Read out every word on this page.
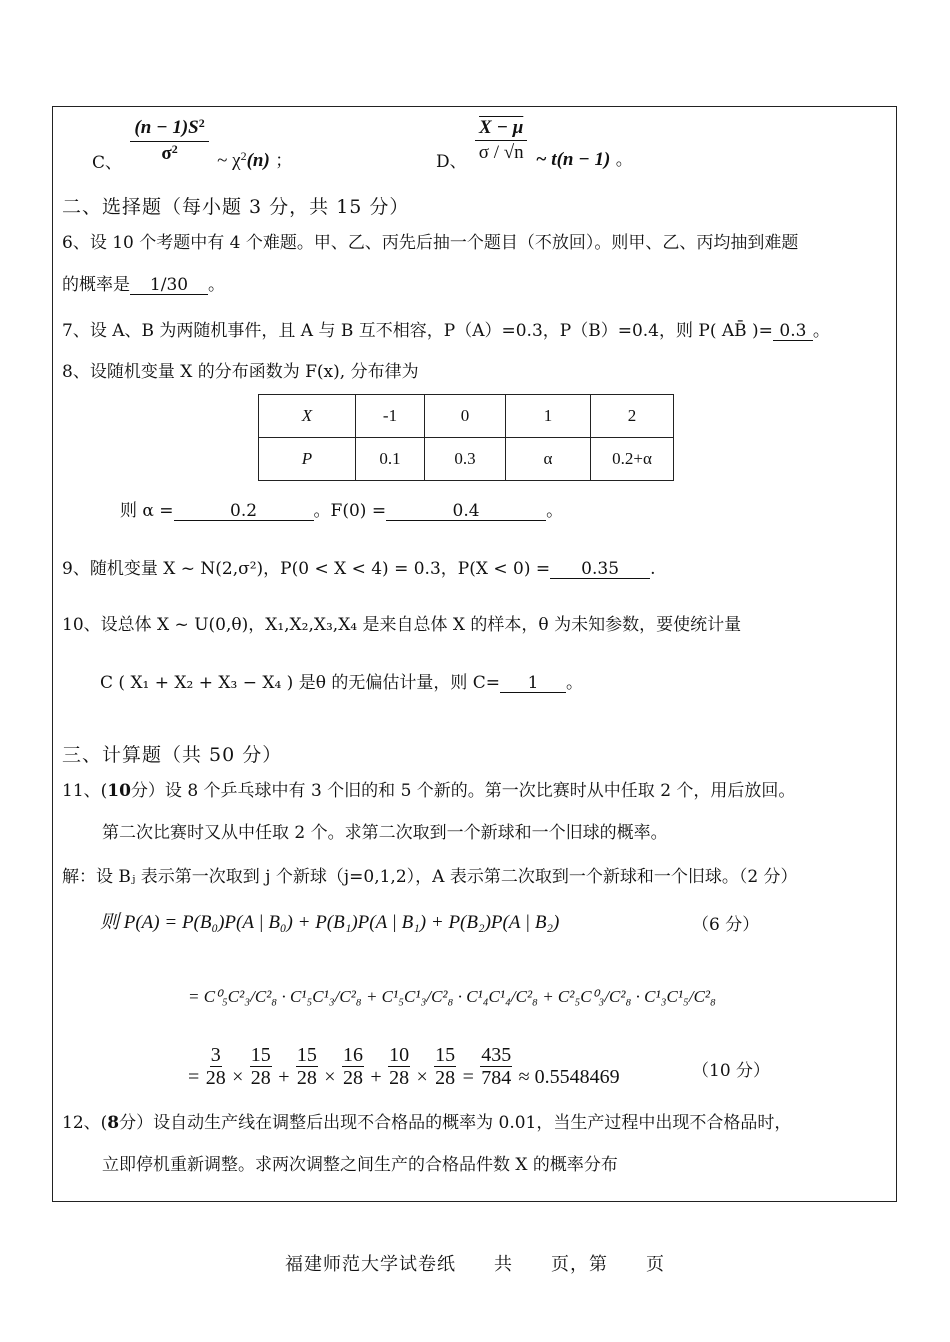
C、 $\frac{(n - 1)S^2}{\sigma^2}$ ~ $\chi^2(n)$ ；	D、 $\frac{X - \mu}{\sigma / √n}$ ~ t(n − 1) 。
二、选择题（每小题 3 分，共 15 分）
6、设 10 个考题中有 4 个难题。甲、乙、丙先后抽一个题目（不放回）。则甲、乙、丙均抽到难题
的概率是 1/30 。
7、设 A、B 为两随机事件，且 A 与 B 互不相容，P（A）=0.3，P（B）=0.4，则 P( AB̄ )= 0.3 。
8、设随机变量 X 的分布函数为 F(x), 分布律为
X	-1	0	1	2
P	0.1	0.3	α	0.2+α
则 α =	0.2	。F(0) =	0.4	。
9、随机变量 X ~ N(2,σ²)，P(0 < X < 4) = 0.3，P(X < 0) = 0.35 .
10、设总体 X ~ U(0,θ)，X₁,X₂,X₃,X₄ 是来自总体 X 的样本，θ 为未知参数，要使统计量
C ( X₁ + X₂ + X₃ − X₄ ) 是θ 的无偏估计量，则 C= 1 。
三、计算题（共 50 分）
11、(10分）设 8 个乒乓球中有 3 个旧的和 5 个新的。第一次比赛时从中任取 2 个，用后放回。
第二次比赛时又从中任取 2 个。求第二次取到一个新球和一个旧球的概率。
解：设 Bⱼ 表示第一次取到 j 个新球（j=0,1,2），A 表示第二次取到一个新球和一个旧球。（2 分）
则 P(A) = P(B₀)P(A | B₀) + P(B₁)P(A | B₁) + P(B₂)P(A | B₂)	（6 分）
= C⁰₅C²₃/C²₈ · C¹₅C¹₃/C²₈ + C¹₅C¹₃/C²₈ · C¹₄C¹₄/C²₈ + C²₅C⁰₃/C²₈ · C¹₃C¹₅/C²₈
= $\frac{3}{28} \times \frac{15}{28} + \frac{15}{28} \times \frac{16}{28} + \frac{10}{28} \times \frac{15}{28} = \frac{435}{784} \approx 0.5548469$	（10 分）
12、(8分）设自动生产线在调整后出现不合格品的概率为 0.01，当生产过程中出现不合格品时，
立即停机重新调整。求两次调整之间生产的合格品件数 X 的概率分布
福建师范大学试卷纸　　共　　页，第　　页
